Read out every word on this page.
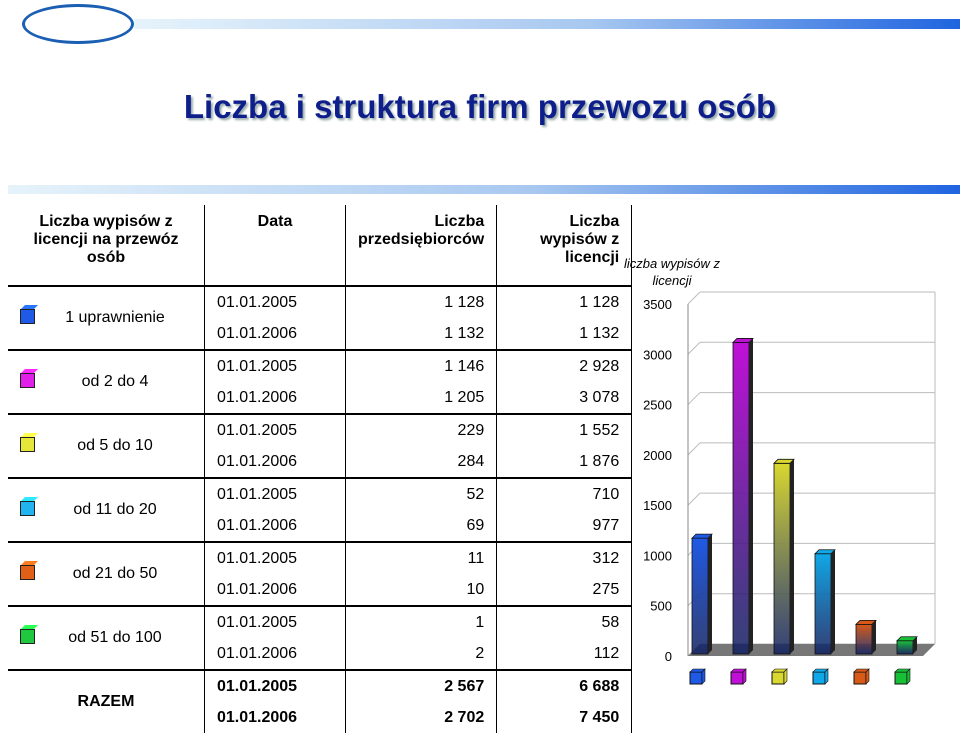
Liczba i struktura firm przewozu osób
Liczba wypisów z licencji na przewóz osób	Data	Liczba przedsiębiorców	Liczba wypisów z licencji

1 uprawnienie	01.01.2005	1 128	1 128
	01.01.2006	1 132	1 132

od 2 do 4	01.01.2005	1 146	2 928
	01.01.2006	1 205	3 078

od 5 do 10	01.01.2005	229	1 552
	01.01.2006	284	1 876

od 11 do 20	01.01.2005	52	710
	01.01.2006	69	977

od 21 do 50	01.01.2005	11	312
	01.01.2006	10	275

od 51 do 100	01.01.2005	1	58
	01.01.2006	2	112
RAZEM	01.01.2005	2 567	6 688
	01.01.2006	2 702	7 450
liczba wypisów z licencji
0
500
1000
1500
2000
2500
3000
3500
